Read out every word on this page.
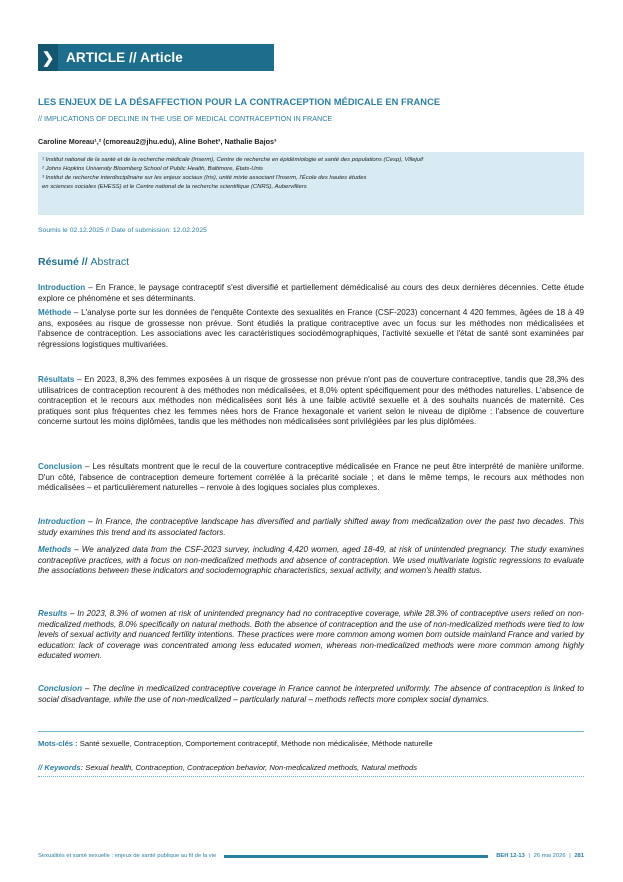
❯ ARTICLE // Article
LES ENJEUX DE LA DÉSAFFECTION POUR LA CONTRACEPTION MÉDICALE EN FRANCE
// IMPLICATIONS OF DECLINE IN THE USE OF MEDICAL CONTRACEPTION IN FRANCE
Caroline Moreau¹,² (cmoreau2@jhu.edu), Aline Bohet³, Nathalie Bajos³

¹ Institut national de la santé et de la recherche médicale (Inserm), Centre de recherche en épidémiologie et santé des populations (Cesp), Villejuif

² Johns Hopkins University Bloomberg School of Public Health, Baltimore, États-Unis

³ Institut de recherche interdisciplinaire sur les enjeux sociaux (Iris), unité mixte associant l'Inserm, l'École des hautes études

en sciences sociales (EHESS) et le Centre national de la recherche scientifique (CNRS), Aubervilliers

Soumis le 02.12.2025 // Date of submission: 12.02.2025
Résumé // Abstract
Introduction – En France, le paysage contraceptif s'est diversifié et partiellement démédicalisé au cours des deux dernières décennies. Cette étude explore ce phénomène et ses déterminants.
Méthode – L'analyse porte sur les données de l'enquête Contexte des sexualités en France (CSF-2023) concernant 4 420 femmes, âgées de 18 à 49 ans, exposées au risque de grossesse non prévue. Sont étudiés la pratique contraceptive avec un focus sur les méthodes non médicalisées et l'absence de contraception. Les associations avec les caractéristiques sociodémographiques, l'activité sexuelle et l'état de santé sont examinées par régressions logistiques multivariées.
Résultats – En 2023, 8,3% des femmes exposées à un risque de grossesse non prévue n'ont pas de couverture contraceptive, tandis que 28,3% des utilisatrices de contraception recourent à des méthodes non médicalisées, et 8,0% optent spécifiquement pour des méthodes naturelles. L'absence de contraception et le recours aux méthodes non médicalisées sont liés à une faible activité sexuelle et à des souhaits nuancés de maternité. Ces pratiques sont plus fréquentes chez les femmes nées hors de France hexagonale et varient selon le niveau de diplôme : l'absence de couverture concerne surtout les moins diplômées, tandis que les méthodes non médicalisées sont privilégiées par les plus diplômées.
Conclusion – Les résultats montrent que le recul de la couverture contraceptive médicalisée en France ne peut être interprété de manière uniforme. D'un côté, l'absence de contraception demeure fortement corrélée à la précarité sociale ; et dans le même temps, le recours aux méthodes non médicalisées – et particulièrement naturelles – renvoie à des logiques sociales plus complexes.
Introduction – In France, the contraceptive landscape has diversified and partially shifted away from medicalization over the past two decades. This study examines this trend and its associated factors.
Methods – We analyzed data from the CSF-2023 survey, including 4,420 women, aged 18-49, at risk of unintended pregnancy. The study examines contraceptive practices, with a focus on non-medicalized methods and absence of contraception. We used multivariate logistic regressions to evaluate the associations between these indicators and sociodemographic characteristics, sexual activity, and women's health status.
Results – In 2023, 8.3% of women at risk of unintended pregnancy had no contraceptive coverage, while 28.3% of contraceptive users relied on non-medicalized methods, 8.0% specifically on natural methods. Both the absence of contraception and the use of non-medicalized methods were tied to low levels of sexual activity and nuanced fertility intentions. These practices were more common among women born outside mainland France and varied by education: lack of coverage was concentrated among less educated women, whereas non-medicalized methods were more common among highly educated women.
Conclusion – The decline in medicalized contraceptive coverage in France cannot be interpreted uniformly. The absence of contraception is linked to social disadvantage, while the use of non-medicalized – particularly natural – methods reflects more complex social dynamics.
Mots-clés : Santé sexuelle, Contraception, Comportement contraceptif, Méthode non médicalisée, Méthode naturelle
// Keywords: Sexual health, Contraception, Contraception behavior, Non-medicalized methods, Natural methods
Sexualités et santé sexuelle : enjeux de santé publique au fil de la vie	BEH 12-13 | 26 mai 2026 | 281
